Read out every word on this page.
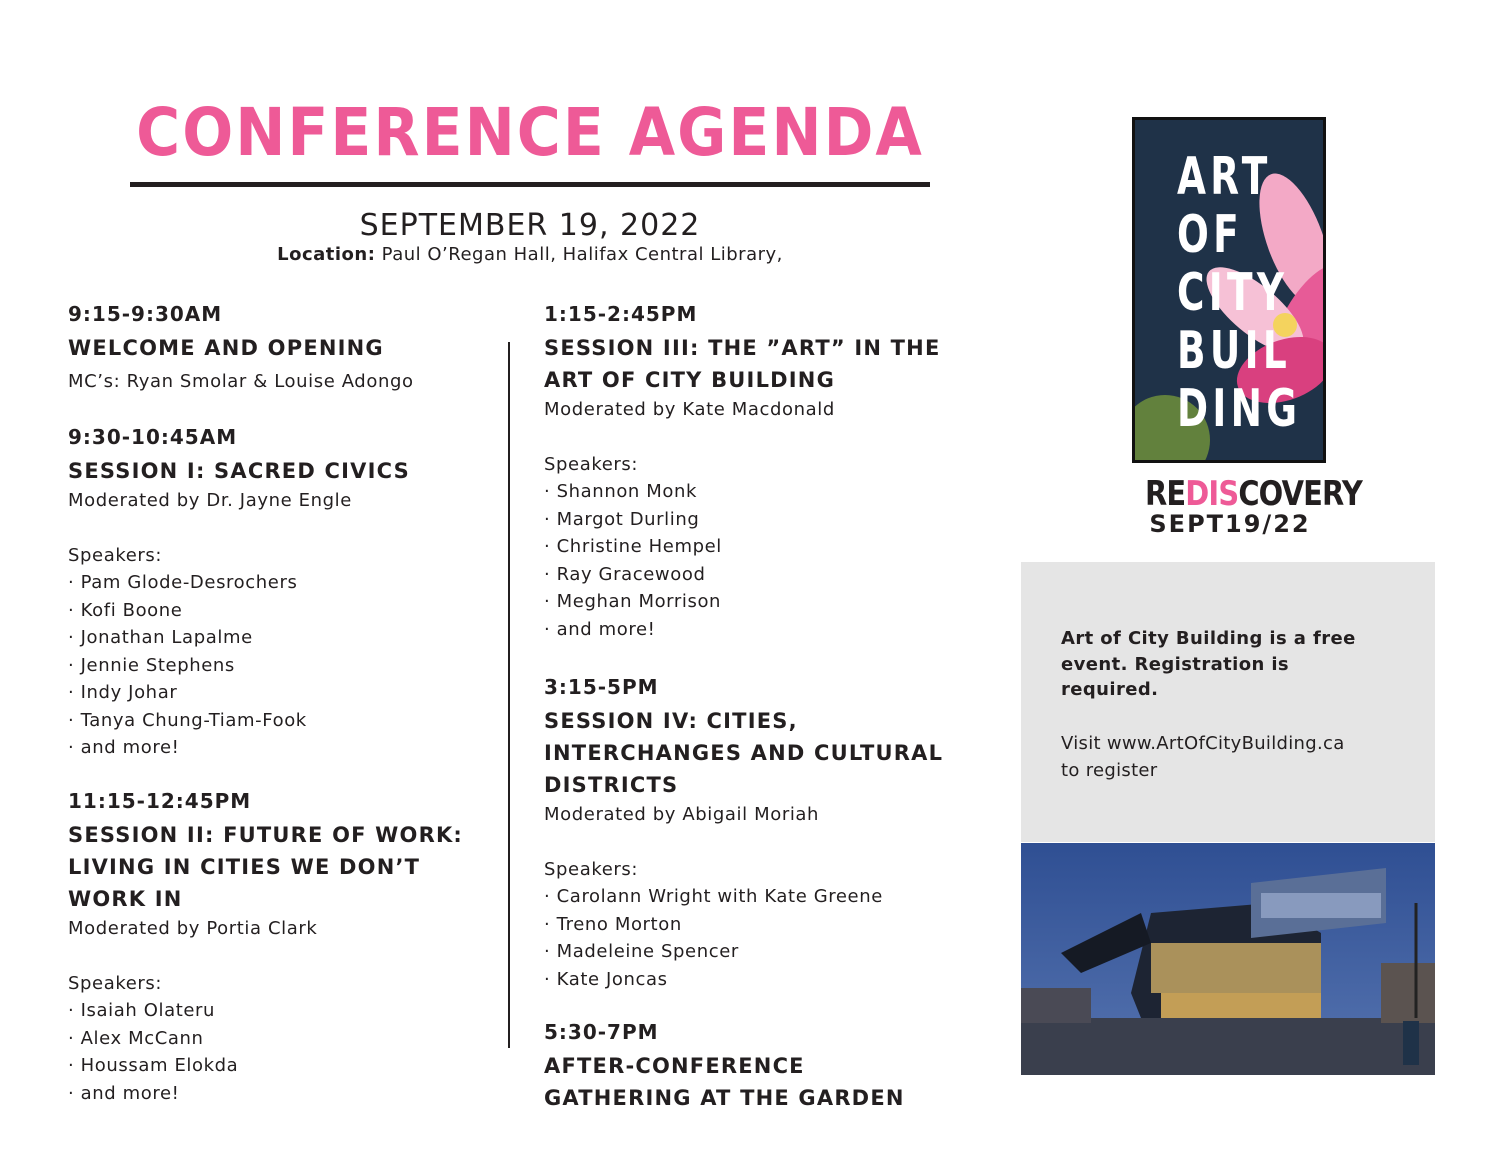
CONFERENCE AGENDA
SEPTEMBER 19, 2022
Location: Paul O’Regan Hall, Halifax Central Library,

9:15-9:30AM

WELCOME AND OPENING

MC’s: Ryan Smolar & Louise Adongo

9:30-10:45AM

SESSION I: SACRED CIVICS

Moderated by Dr. Jayne Engle

Speakers:

· Pam Glode-Desrochers

· Kofi Boone

· Jonathan Lapalme

· Jennie Stephens

· Indy Johar

· Tanya Chung-Tiam-Fook

· and more!

11:15-12:45PM

SESSION II: FUTURE OF WORK:

LIVING IN CITIES WE DON’T

WORK IN

Moderated by Portia Clark

Speakers:

· Isaiah Olateru

· Alex McCann

· Houssam Elokda

· and more!

1:15-2:45PM

SESSION III: THE ”ART” IN THE

ART OF CITY BUILDING

Moderated by Kate Macdonald

Speakers:

· Shannon Monk

· Margot Durling

· Christine Hempel

· Ray Gracewood

· Meghan Morrison

· and more!

3:15-5PM

SESSION IV: CITIES,

INTERCHANGES AND CULTURAL

DISTRICTS

Moderated by Abigail Moriah

Speakers:

· Carolann Wright with Kate Greene

· Treno Morton

· Madeleine Spencer

· Kate Joncas

5:30-7PM

AFTER-CONFERENCE

GATHERING AT THE GARDEN

ART
OF
CITY
BUIL
DING
REDISCOVERY
SEPT19/22
Art of City Building is a free event. Registration is required.
Visit www.ArtOfCityBuilding.ca
to register
